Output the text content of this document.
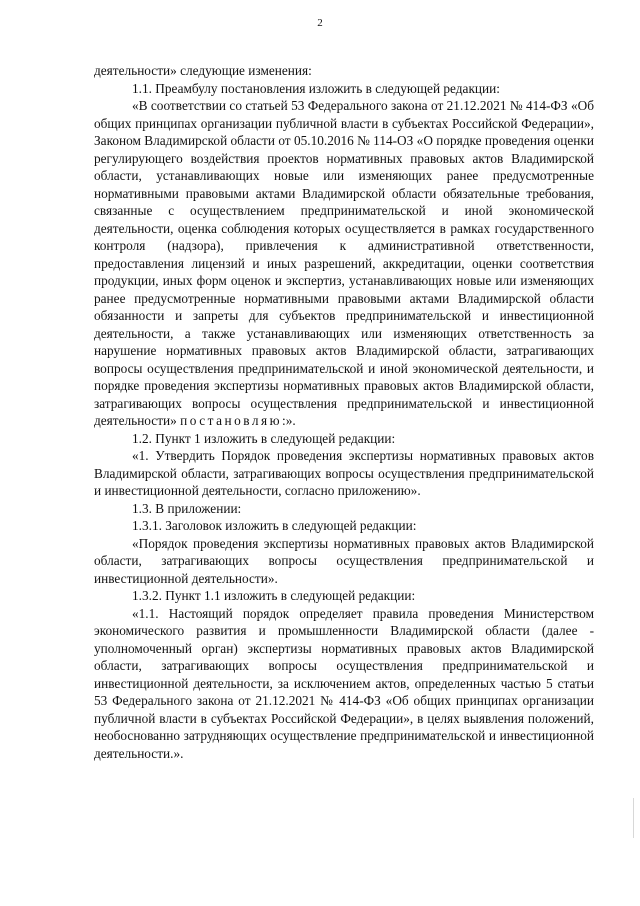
2

деятельности» следующие изменения:

1.1. Преамбулу постановления изложить в следующей редакции:

«В соответствии со статьей 53 Федерального закона от 21.12.2021 № 414-ФЗ «Об общих принципах организации публичной власти в субъектах Российской Федерации», Законом Владимирской области от 05.10.2016 № 114-ОЗ «О порядке проведения оценки регулирующего воздействия проектов нормативных правовых актов Владимирской области, устанавливающих новые или изменяющих ранее предусмотренные нормативными правовыми актами Владимирской области обязательные требования, связанные с осуществлением предпринимательской и иной экономической деятельности, оценка соблюдения которых осуществляется в рамках государственного контроля (надзора), привлечения к административной ответственности, предоставления лицензий и иных разрешений, аккредитации, оценки соответствия продукции, иных форм оценок и экспертиз, устанавливающих новые или изменяющих ранее предусмотренные нормативными правовыми актами Владимирской области обязанности и запреты для субъектов предпринимательской и инвестиционной деятельности, а также устанавливающих или изменяющих ответственность за нарушение нормативных правовых актов Владимирской области, затрагивающих вопросы осуществления предпринимательской и иной экономической деятельности, и порядке проведения экспертизы нормативных правовых актов Владимирской области, затрагивающих вопросы осуществления предпринимательской и инвестиционной деятельности» постановляю:».

1.2. Пункт 1 изложить в следующей редакции:

«1. Утвердить Порядок проведения экспертизы нормативных правовых актов Владимирской области, затрагивающих вопросы осуществления предпринимательской и инвестиционной деятельности, согласно приложению».

1.3. В приложении:

1.3.1. Заголовок изложить в следующей редакции:

«Порядок проведения экспертизы нормативных правовых актов Владимирской области, затрагивающих вопросы осуществления предпринимательской и инвестиционной деятельности».

1.3.2. Пункт 1.1 изложить в следующей редакции:

«1.1. Настоящий порядок определяет правила проведения Министерством экономического развития и промышленности Владимирской области (далее - уполномоченный орган) экспертизы нормативных правовых актов Владимирской области, затрагивающих вопросы осуществления предпринимательской и инвестиционной деятельности, за исключением актов, определенных частью 5 статьи 53 Федерального закона от 21.12.2021 № 414-ФЗ «Об общих принципах организации публичной власти в субъектах Российской Федерации», в целях выявления положений, необоснованно затрудняющих осуществление предпринимательской и инвестиционной деятельности.».
